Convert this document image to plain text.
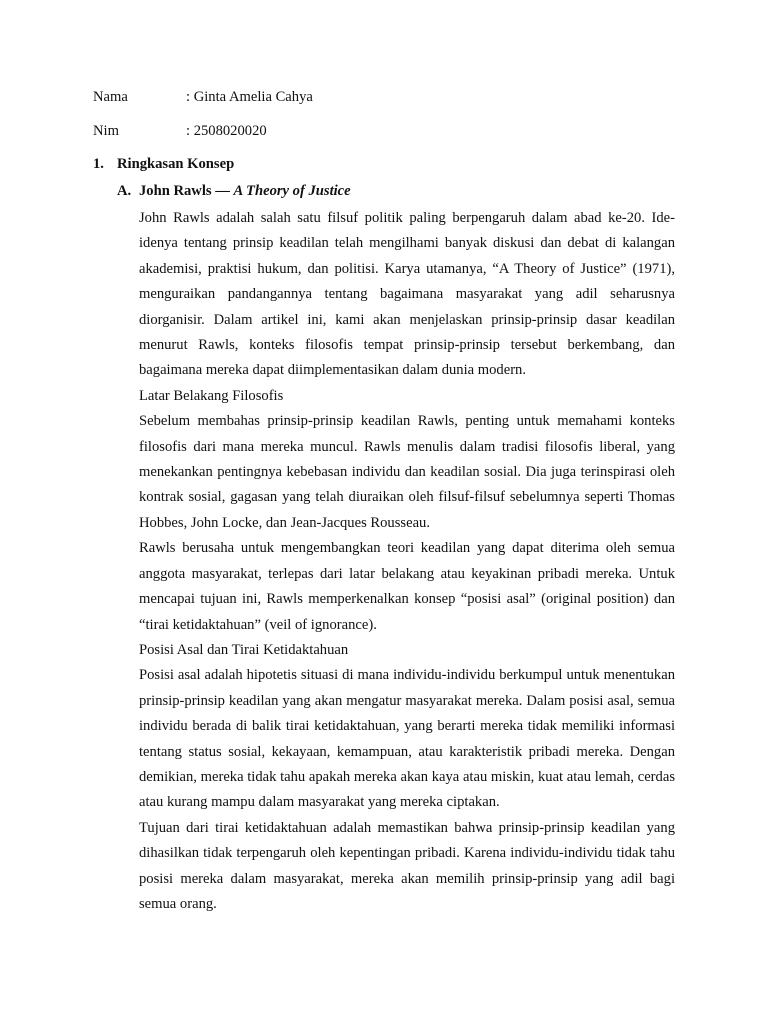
Nama	: Ginta Amelia Cahya
Nim	: 2508020020
1. Ringkasan Konsep
A. John Rawls — A Theory of Justice

John Rawls adalah salah satu filsuf politik paling berpengaruh dalam abad ke-20. Ide-idenya tentang prinsip keadilan telah mengilhami banyak diskusi dan debat di kalangan akademisi, praktisi hukum, dan politisi. Karya utamanya, “A Theory of Justice” (1971), menguraikan pandangannya tentang bagaimana masyarakat yang adil seharusnya diorganisir. Dalam artikel ini, kami akan menjelaskan prinsip-prinsip dasar keadilan menurut Rawls, konteks filosofis tempat prinsip-prinsip tersebut berkembang, dan bagaimana mereka dapat diimplementasikan dalam dunia modern.

Latar Belakang Filosofis

Sebelum membahas prinsip-prinsip keadilan Rawls, penting untuk memahami konteks filosofis dari mana mereka muncul. Rawls menulis dalam tradisi filosofis liberal, yang menekankan pentingnya kebebasan individu dan keadilan sosial. Dia juga terinspirasi oleh kontrak sosial, gagasan yang telah diuraikan oleh filsuf-filsuf sebelumnya seperti Thomas Hobbes, John Locke, dan Jean-Jacques Rousseau.

Rawls berusaha untuk mengembangkan teori keadilan yang dapat diterima oleh semua anggota masyarakat, terlepas dari latar belakang atau keyakinan pribadi mereka. Untuk mencapai tujuan ini, Rawls memperkenalkan konsep “posisi asal” (original position) dan “tirai ketidaktahuan” (veil of ignorance).

Posisi Asal dan Tirai Ketidaktahuan

Posisi asal adalah hipotetis situasi di mana individu-individu berkumpul untuk menentukan prinsip-prinsip keadilan yang akan mengatur masyarakat mereka. Dalam posisi asal, semua individu berada di balik tirai ketidaktahuan, yang berarti mereka tidak memiliki informasi tentang status sosial, kekayaan, kemampuan, atau karakteristik pribadi mereka. Dengan demikian, mereka tidak tahu apakah mereka akan kaya atau miskin, kuat atau lemah, cerdas atau kurang mampu dalam masyarakat yang mereka ciptakan.

Tujuan dari tirai ketidaktahuan adalah memastikan bahwa prinsip-prinsip keadilan yang dihasilkan tidak terpengaruh oleh kepentingan pribadi. Karena individu-individu tidak tahu posisi mereka dalam masyarakat, mereka akan memilih prinsip-prinsip yang adil bagi semua orang.
